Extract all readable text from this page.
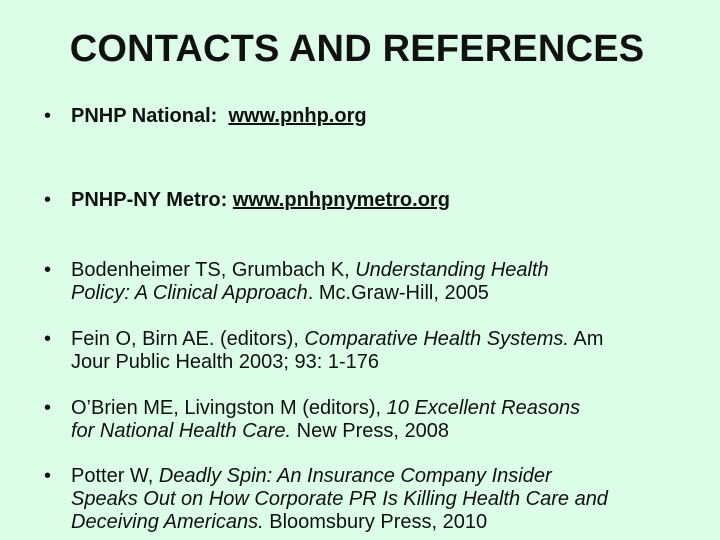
CONTACTS AND REFERENCES
• PNHP National: www.pnhp.org
• PNHP-NY Metro: www.pnhpnymetro.org
• Bodenheimer TS, Grumbach K, Understanding Health
Policy: A Clinical Approach. Mc.Graw-Hill, 2005
• Fein O, Birn AE. (editors), Comparative Health Systems. Am
Jour Public Health 2003; 93: 1-176
• O’Brien ME, Livingston M (editors), 10 Excellent Reasons
for National Health Care. New Press, 2008
• Potter W, Deadly Spin: An Insurance Company Insider
Speaks Out on How Corporate PR Is Killing Health Care and
Deceiving Americans. Bloomsbury Press, 2010
